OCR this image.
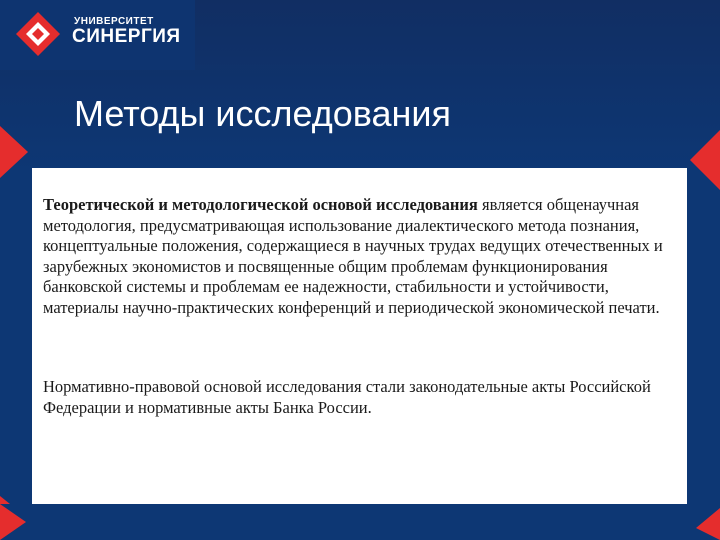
УНИВЕРСИТЕТ
СИНЕРГИЯ
Методы исследования

Теоретической и методологической основой исследования является общенаучная методология, предусматривающая использование диалектического метода познания, концептуальные положения, содержащиеся в научных трудах ведущих отечественных и зарубежных экономистов и посвященные общим проблемам функционирования банковской системы и проблемам ее надежности, стабильности и устойчивости, материалы научно-практических конференций и периодической экономической печати.

Нормативно-правовой основой исследования стали законодательные акты Российской Федерации и нормативные акты Банка России.
